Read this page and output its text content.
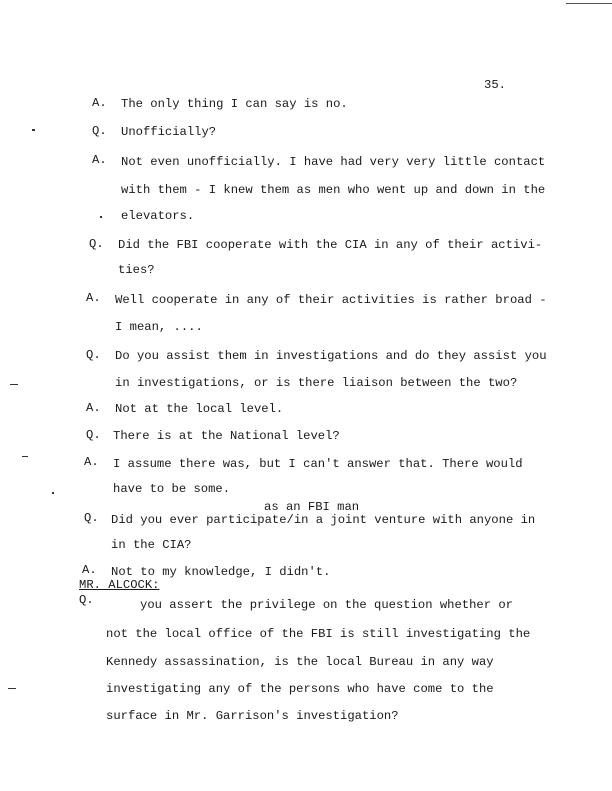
35.
A. The only thing I can say is no.
Q. Unofficially?
A. Not even unofficially. I have had very very little contact
with them - I knew them as men who went up and down in the
elevators.
Q. Did the FBI cooperate with the CIA in any of their activi-
ties?
A. Well cooperate in any of their activities is rather broad -
I mean, ....
Q. Do you assist them in investigations and do they assist you
in investigations, or is there liaison between the two?
A. Not at the local level.
Q. There is at the National level?
A. I assume there was, but I can't answer that. There would
have to be some.
as an FBI man
Q. Did you ever participate/in a joint venture with anyone in
in the CIA?
A. Not to my knowledge, I didn't.
MR. ALCOCK:
Q.	you assert the privilege on the question whether or
not the local office of the FBI is still investigating the
Kennedy assassination, is the local Bureau in any way
investigating any of the persons who have come to the
surface in Mr. Garrison's investigation?
